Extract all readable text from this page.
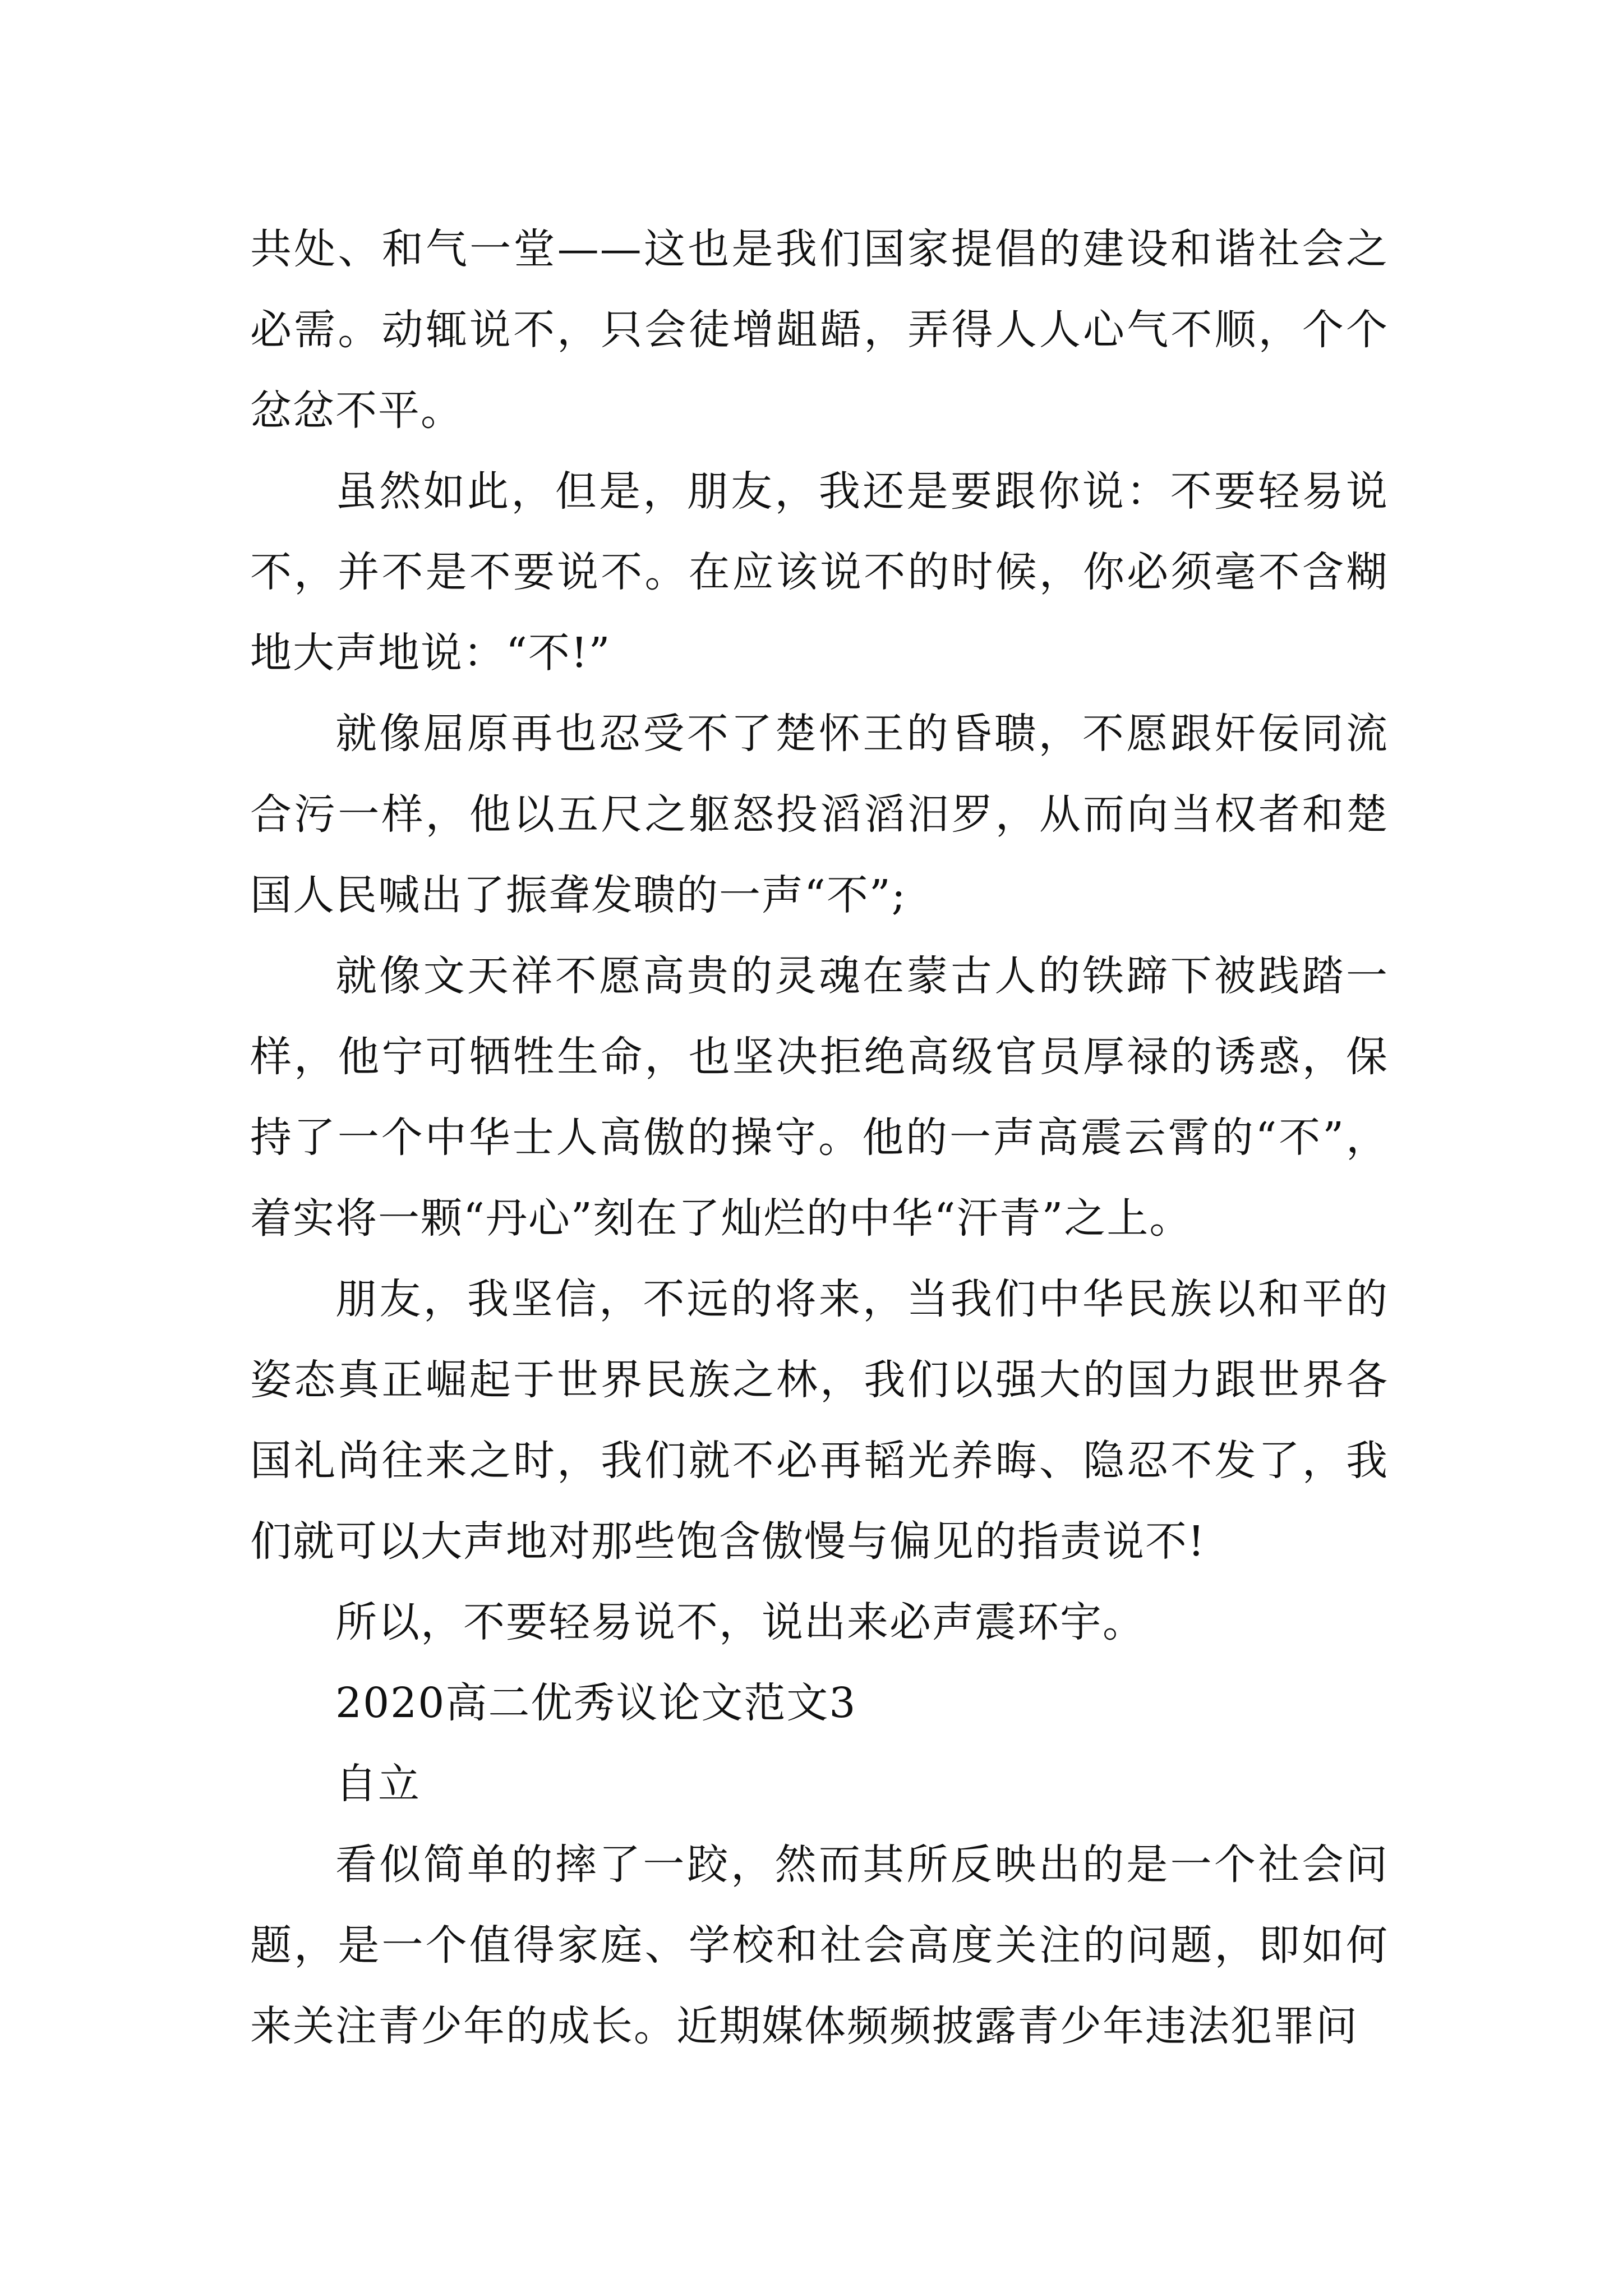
共处、和气一堂——这也是我们国家提倡的建设和谐社会之必需。动辄说不，只会徒增龃龉，弄得人人心气不顺，个个忿忿不平。

虽然如此，但是，朋友，我还是要跟你说：不要轻易说不，并不是不要说不。在应该说不的时候，你必须毫不含糊地大声地说：“不!”

就像屈原再也忍受不了楚怀王的昏聩，不愿跟奸佞同流合污一样，他以五尺之躯怒投滔滔汨罗，从而向当权者和楚国人民喊出了振聋发聩的一声“不”;

就像文天祥不愿高贵的灵魂在蒙古人的铁蹄下被践踏一样，他宁可牺牲生命，也坚决拒绝高级官员厚禄的诱惑，保持了一个中华士人高傲的操守。他的一声高震云霄的“不”，着实将一颗“丹心”刻在了灿烂的中华“汗青”之上。

朋友，我坚信，不远的将来，当我们中华民族以和平的姿态真正崛起于世界民族之林，我们以强大的国力跟世界各国礼尚往来之时，我们就不必再韬光养晦、隐忍不发了，我们就可以大声地对那些饱含傲慢与偏见的指责说不!

所以，不要轻易说不，说出来必声震环宇。

2020高二优秀议论文范文3

自立

看似简单的摔了一跤，然而其所反映出的是一个社会问题，是一个值得家庭、学校和社会高度关注的问题，即如何来关注青少年的成长。近期媒体频频披露青少年违法犯罪问
